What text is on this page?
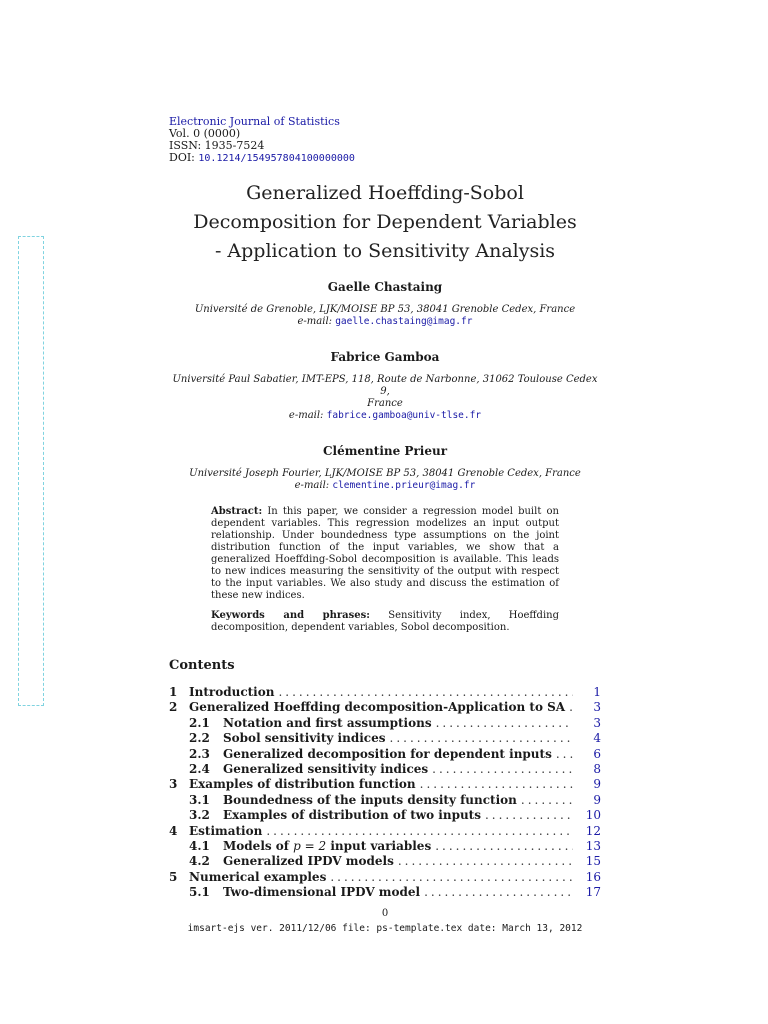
Electronic Journal of Statistics
Vol. 0 (0000)
ISSN: 1935-7524
DOI: 10.1214/154957804100000000
Generalized Hoeffding-Sobol
Decomposition for Dependent Variables
- Application to Sensitivity Analysis
Gaelle Chastaing
Université de Grenoble, LJK/MOISE BP 53, 38041 Grenoble Cedex, France
e-mail: gaelle.chastaing@imag.fr
Fabrice Gamboa
Université Paul Sabatier, IMT-EPS, 118, Route de Narbonne, 31062 Toulouse Cedex 9,
France
e-mail: fabrice.gamboa@univ-tlse.fr
Clémentine Prieur
Université Joseph Fourier, LJK/MOISE BP 53, 38041 Grenoble Cedex, France
e-mail: clementine.prieur@imag.fr
Abstract: In this paper, we consider a regression model built on dependent variables. This regression modelizes an input output relationship. Under boundedness type assumptions on the joint distribution function of the input variables, we show that a generalized Hoeffding-Sobol decomposition is available. This leads to new indices measuring the sensitivity of the output with respect to the input variables. We also study and discuss the estimation of these new indices.
Keywords and phrases: Sensitivity index, Hoeffding decomposition, dependent variables, Sobol decomposition.
Contents
1 Introduction .....	1
2 Generalized Hoeffding decomposition-Application to SA .....	3
2.1	Notation and first assumptions .....	3
2.2	Sobol sensitivity indices .....	4
2.3	Generalized decomposition for dependent inputs .....	6
2.4	Generalized sensitivity indices .....	8
3 Examples of distribution function .....	9
3.1	Boundedness of the inputs density function .....	9
3.2	Examples of distribution of two inputs .....	10
4 Estimation .....	12
4.1	Models of p = 2 input variables .....	13
4.2	Generalized IPDV models .....	15
5 Numerical examples .....	16
5.1	Two-dimensional IPDV model .....	17
0
imsart-ejs ver. 2011/12/06 file: ps-template.tex date: March 13, 2012
